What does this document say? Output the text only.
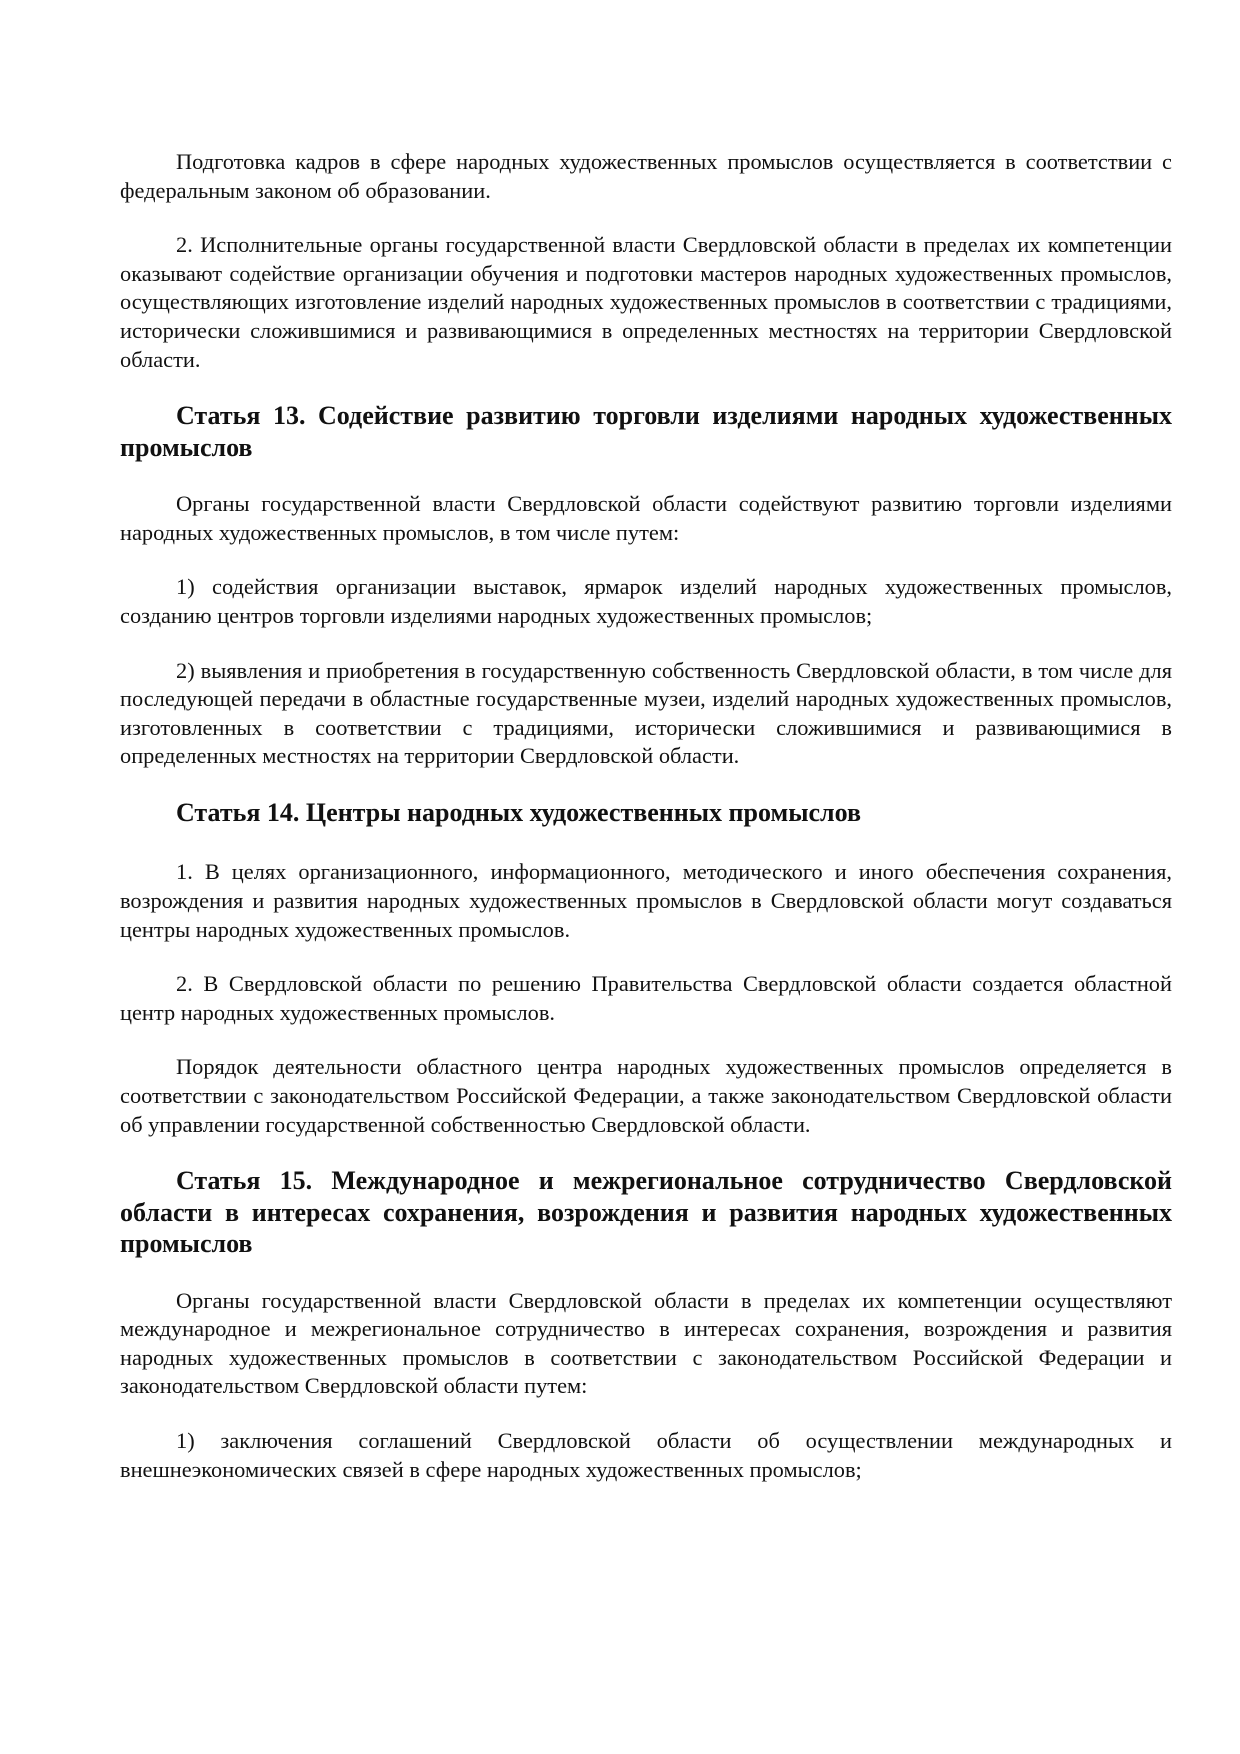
Подготовка кадров в сфере народных художественных промыслов осуществляется в соответствии с федеральным законом об образовании.

2. Исполнительные органы государственной власти Свердловской области в пределах их компетенции оказывают содействие организации обучения и подготовки мастеров народных художественных промыслов, осуществляющих изготовление изделий народных художественных промыслов в соответствии с традициями, исторически сложившимися и развивающимися в определенных местностях на территории Свердловской области.

Статья 13. Содействие развитию торговли изделиями народных художественных промыслов

Органы государственной власти Свердловской области содействуют развитию торговли изделиями народных художественных промыслов, в том числе путем:

1) содействия организации выставок, ярмарок изделий народных художественных промыслов, созданию центров торговли изделиями народных художественных промыслов;

2) выявления и приобретения в государственную собственность Свердловской области, в том числе для последующей передачи в областные государственные музеи, изделий народных художественных промыслов, изготовленных в соответствии с традициями, исторически сложившимися и развивающимися в определенных местностях на территории Свердловской области.

Статья 14. Центры народных художественных промыслов

1. В целях организационного, информационного, методического и иного обеспечения сохранения, возрождения и развития народных художественных промыслов в Свердловской области могут создаваться центры народных художественных промыслов.

2. В Свердловской области по решению Правительства Свердловской области создается областной центр народных художественных промыслов.

Порядок деятельности областного центра народных художественных промыслов определяется в соответствии с законодательством Российской Федерации, а также законодательством Свердловской области об управлении государственной собственностью Свердловской области.

Статья 15. Международное и межрегиональное сотрудничество Свердловской области в интересах сохранения, возрождения и развития народных художественных промыслов

Органы государственной власти Свердловской области в пределах их компетенции осуществляют международное и межрегиональное сотрудничество в интересах сохранения, возрождения и развития народных художественных промыслов в соответствии с законодательством Российской Федерации и законодательством Свердловской области путем:

1) заключения соглашений Свердловской области об осуществлении международных и внешнеэкономических связей в сфере народных художественных промыслов;
